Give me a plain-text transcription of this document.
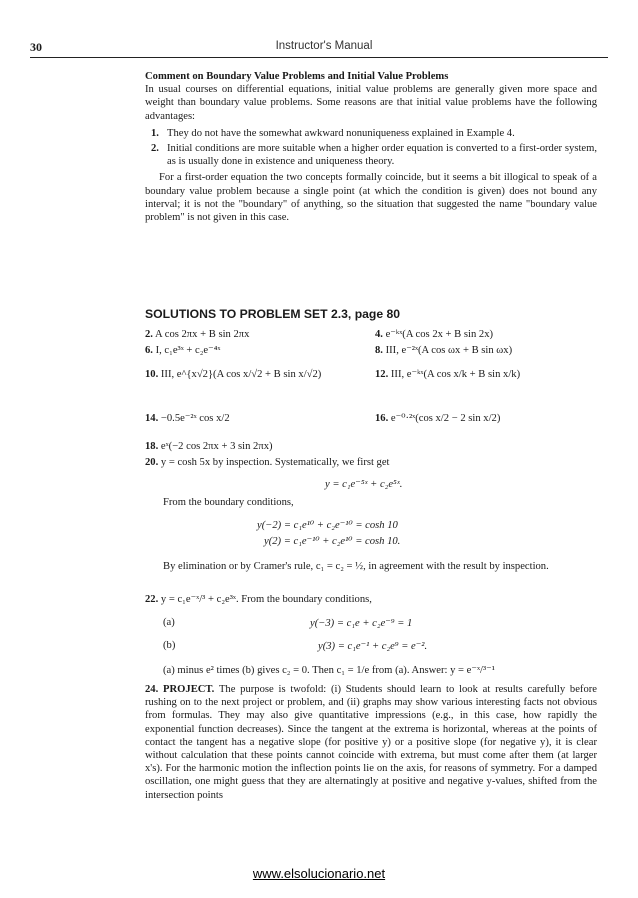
30	Instructor's Manual
Comment on Boundary Value Problems and Initial Value Problems

In usual courses on differential equations, initial value problems are generally given more space and weight than boundary value problems. Some reasons are that initial value problems have the following advantages:

1. They do not have the somewhat awkward nonuniqueness explained in Example 4.
2. Initial conditions are more suitable when a higher order equation is converted to a first-order system, as is usually done in existence and uniqueness theory.

For a first-order equation the two concepts formally coincide, but it seems a bit illogical to speak of a boundary value problem because a single point (at which the condition is given) does not bound any interval; it is not the "boundary" of anything, so the situation that suggested the name "boundary value problem" is not given in this case.

SOLUTIONS TO PROBLEM SET 2.3, page 80
2. A cos 2πx + B sin 2πx	4. e⁻ᵏˣ(A cos 2x + B sin 2x)
6. I, c₁e³ˣ + c₂e⁻⁴ˣ	8. III, e⁻²ˣ(A cos ωx + B sin ωx)
10. III, e^{x√2}(A cos x/√2 + B sin x/√2)	12. III, e⁻ᵏˣ(A cos x/k + B sin x/k)
14. −0.5e⁻²ˣ cos x/2	16. e⁻⁰·²ˣ(cos x/2 − 2 sin x/2)
18. eˣ(−2 cos 2πx + 3 sin 2πx)
20. y = cosh 5x by inspection. Systematically, we first get
y = c₁e⁻⁵ˣ + c₂e⁵ˣ.
From the boundary conditions,
y(−2) = c₁e¹⁰ + c₂e⁻¹⁰ = cosh 10
y(2) = c₁e⁻¹⁰ + c₂e¹⁰ = cosh 10.
By elimination or by Cramer's rule, c₁ = c₂ = ½, in agreement with the result by inspection.
22. y = c₁e⁻ˣ/³ + c₂e³ˣ. From the boundary conditions,
(a)	y(−3) = c₁e + c₂e⁻⁹ = 1
(b)	y(3) = c₁e⁻¹ + c₂e⁹ = e⁻².
(a) minus e² times (b) gives c₂ = 0. Then c₁ = 1/e from (a). Answer: y = e⁻ˣ/³⁻¹
24. PROJECT. The purpose is twofold: (i) Students should learn to look at results carefully before rushing on to the next project or problem, and (ii) graphs may show various interesting facts not obvious from formulas. They may also give quantitative impressions (e.g., in this case, how rapidly the exponential function decreases). Since the tangent at the extrema is horizontal, whereas at the points of contact the tangent has a negative slope (for positive y) or a positive slope (for negative y), it is clear without calculation that these points cannot coincide with extrema, but must come after them (at larger x's). For the harmonic motion the inflection points lie on the axis, for reasons of symmetry. For a damped oscillation, one might guess that they are alternatingly at positive and negative y-values, shifted from the intersection points
www.elsolucionario.net
